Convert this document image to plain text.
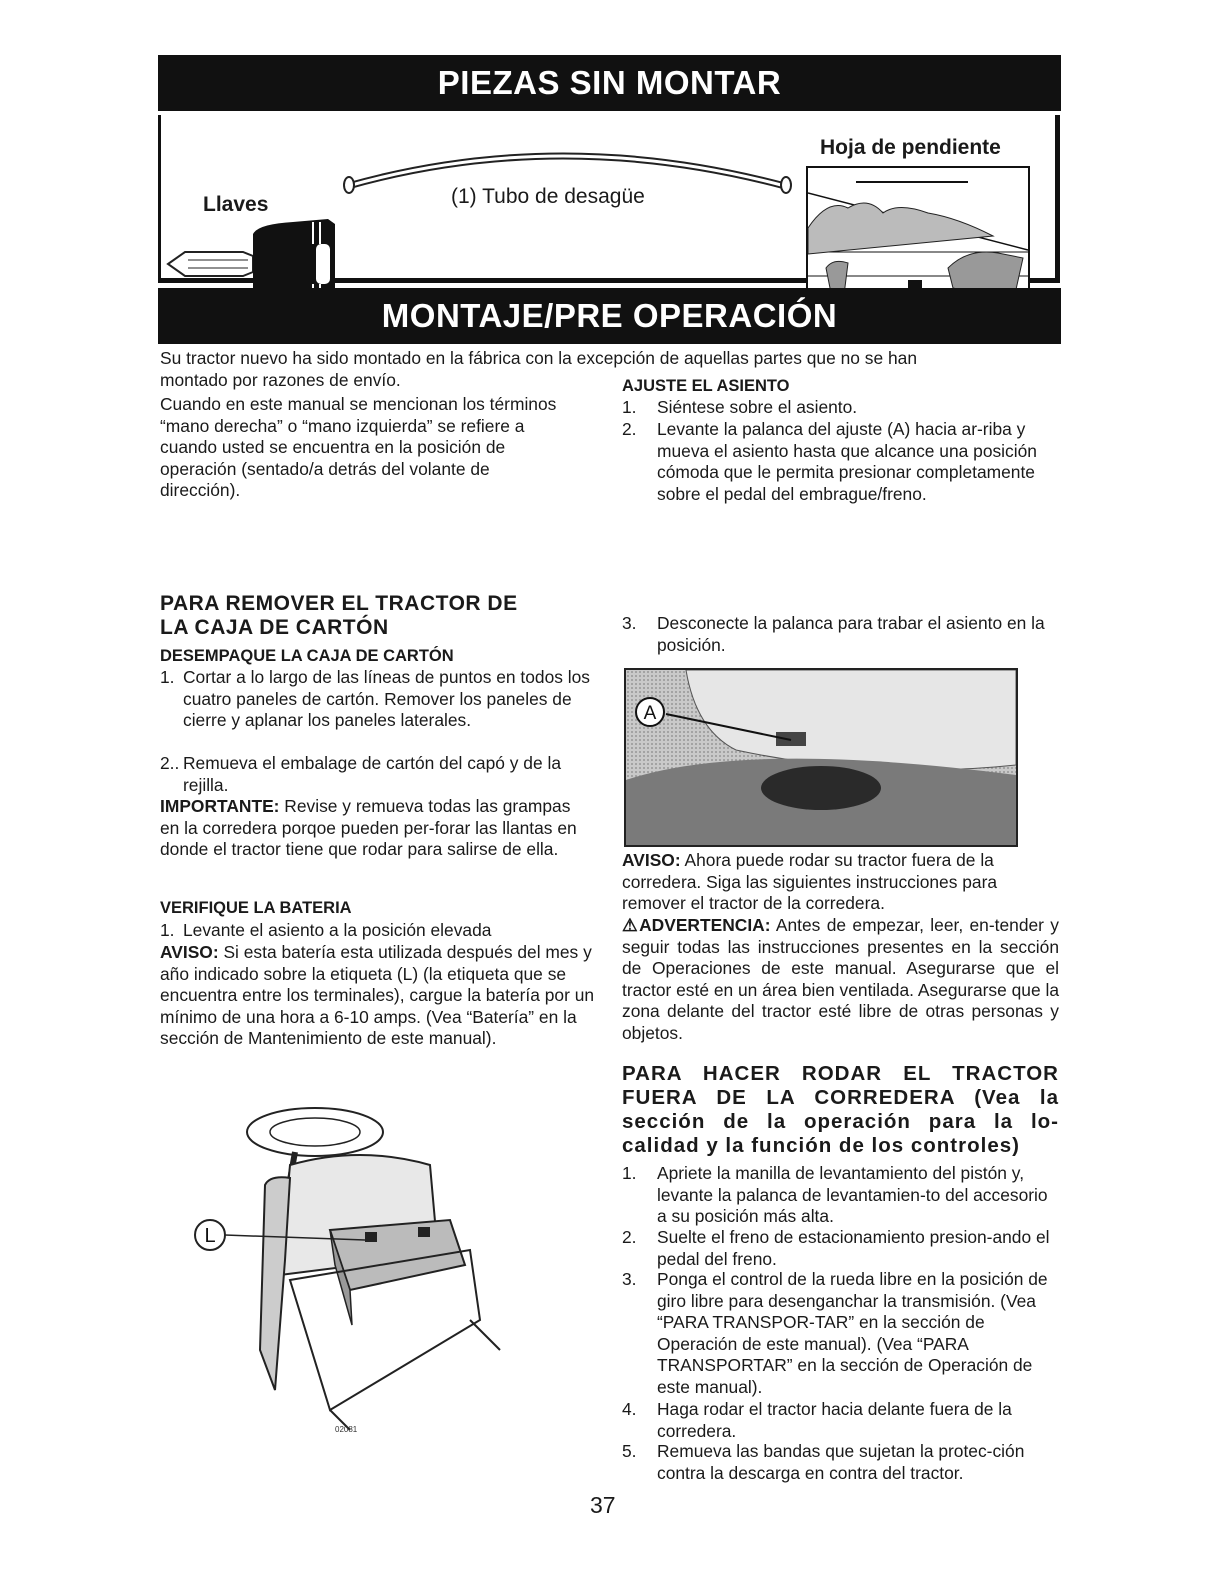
PIEZAS SIN MONTAR
Llaves	(1) Tubo de desagüe
Hoja de pendiente
MONTAJE/PRE OPERACIÓN
Su tractor nuevo ha sido montado en la fábrica con la excepción de aquellas partes que no se han
montado por razones de envío.
Cuando en este manual se mencionan los términos “mano derecha” o “mano izquierda” se refiere a cuando usted se encuentra en la posición de operación (sentado/a detrás del volante de dirección).
PARA REMOVER EL TRACTOR DE
LA CAJA DE CARTÓN
DESEMPAQUE LA CAJA DE CARTÓN
1. Cortar a lo largo de las líneas de puntos en todos los cuatro paneles de cartón. Remover los paneles de cierre y aplanar los paneles laterales.
2.. Remueva el embalage de cartón del capó y de la rejilla.
IMPORTANTE: Revise y remueva todas las grampas en la corredera porqoe pueden per-forar las llantas en donde el tractor tiene que rodar para salirse de ella.
VERIFIQUE LA BATERIA
1. Levante el asiento a la posición elevada
AVISO: Si esta batería esta utilizada después del mes y año indicado sobre la etiqueta (L) (la etiqueta que se encuentra entre los terminales), cargue la batería por un mínimo de una hora a 6-10 amps. (Vea “Batería” en la sección de Mantenimiento de este manual).
L
02081
AJUSTE EL ASIENTO
1. Siéntese sobre el asiento.
2. Levante la palanca del ajuste (A) hacia ar-riba y mueva el asiento hasta que alcance una posición cómoda que le permita presionar completamente sobre el pedal del embrague/freno.
3. Desconecte la palanca para trabar el asiento en la posición.
A
AVISO: Ahora puede rodar su tractor fuera de la corredera. Siga las siguientes instrucciones para remover el tractor de la corredera.
⚠ADVERTENCIA: Antes de empezar, leer, en-tender y seguir todas las instrucciones presentes en la sección de Operaciones de este manual. Asegurarse que el tractor esté en un área bien ventilada. Asegurarse que la zona delante del tractor esté libre de otras personas y objetos.
PARA HACER RODAR EL TRACTOR FUERA DE LA CORREDERA (Vea la sección de la operación para la lo-calidad y la función de los controles)
1. Apriete la manilla de levantamiento del pistón y, levante la palanca de levantamien-to del accesorio a su posición más alta.
2. Suelte el freno de estacionamiento presion-ando el pedal del freno.
3. Ponga el control de la rueda libre en la posición de giro libre para desenganchar la transmisión. (Vea “PARA TRANSPOR-TAR” en la sección de Operación de este manual). (Vea “PARA TRANSPORTAR” en la sección de Operación de este manual).
4. Haga rodar el tractor hacia delante fuera de la corredera.
5. Remueva las bandas que sujetan la protec-ción contra la descarga en contra del tractor.
37
